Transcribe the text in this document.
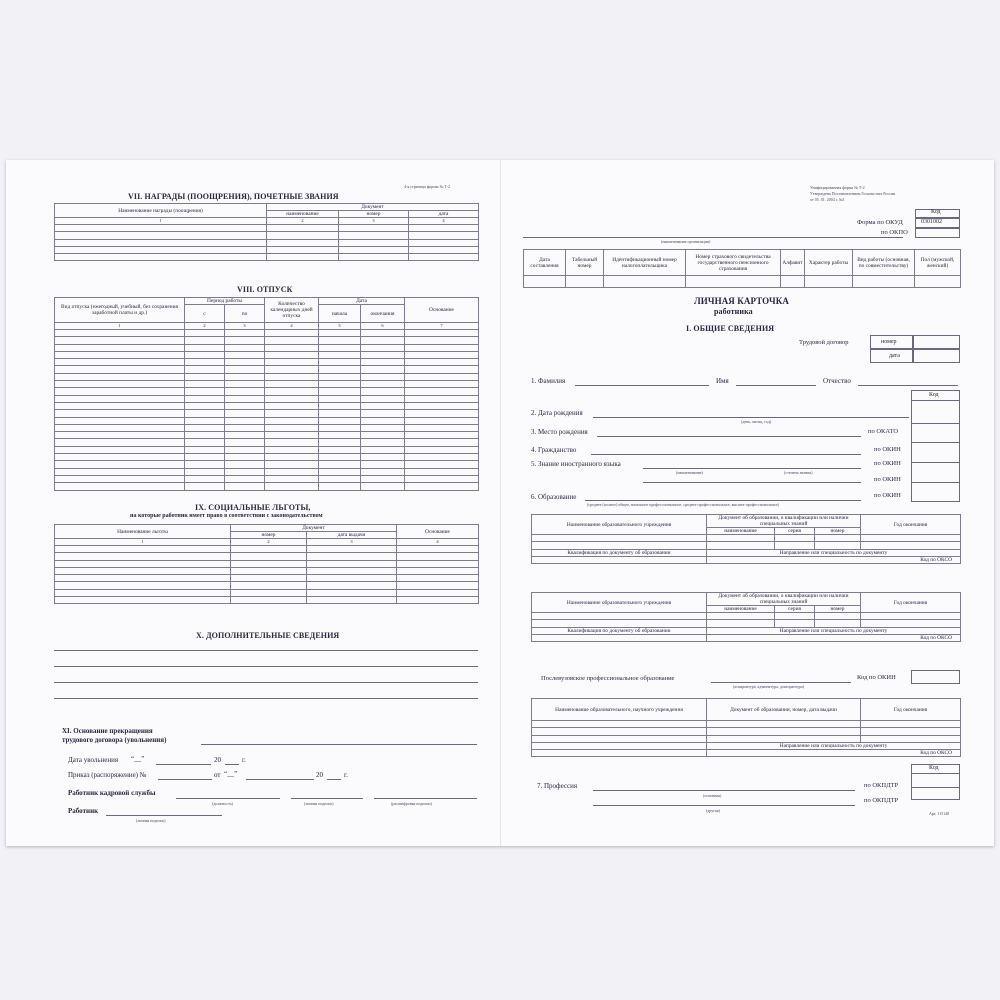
4-я страница формы № Т-2
VII. НАГРАДЫ (ПООЩРЕНИЯ), ПОЧЕТНЫЕ ЗВАНИЯ
Наименование награды (поощрения)	Документ		
	наименование	номер	дата
1	2	3	4

VIII. ОТПУСК
Вид отпуска (ежегодный, учебный, без сохранения заработной платы и др.)	Период работы		Количество календарных дней отпуска	Дата		Основание
	с	по		начала	окончания	
1	2	3	4	5	6	7

IX. СОЦИАЛЬНЫЕ ЛЬГОТЫ,
на которые работник имеет право в соответствии с законодательством
Наименование льготы	Документ		Основание
	номер	дата выдачи	
1	2	3	4

X. ДОПОЛНИТЕЛЬНЫЕ СВЕДЕНИЯ
XI. Основание прекращения
трудового договора (увольнения)
Дата увольнения “__”	20	г.
Приказ (распоряжение) №	от “__”	20	г.
Работник кадровой службы
(должность)	(личная подпись)	(расшифровка подписи)
Работник
(личная подпись)
Унифицированная форма № Т-2
Утверждена Постановлением Госкомстата России
от 05. 01. 2004 г. №1
Код
0301002
Форма по ОКУД
по ОКПО
(наименование организации)
Дата составления	Табельный номер	Идентификационный номер налогоплательщика	Номер страхового свидетельства государственного пенсионного страхования	Алфавит	Характер работы	Вид работы (основная, по совместительству)	Пол (мужской, женский)

ЛИЧНАЯ КАРТОЧКА
работника
I. ОБЩИЕ СВЕДЕНИЯ
Трудовой договор	номер
дата
1. Фамилия	Имя	Отчество
Код
2. Дата рождения
(день, месяц, год)
3. Место рождения	по ОКАТО
4. Гражданство	по ОКИН
5. Знание иностранного языка
(наименование)	(степень знания)
по ОКИН
по ОКИН
6. Образование
(среднее (полное) общее, начальное профессиональное, среднее профессиональное, высшее профессиональное)
по ОКИН
Наименование образовательного учреждения	Документ об образовании, о квалификации или наличии специальных знаний			Год окончания
	наименование	серия	номер	

Квалификация по документу об образовании	Направление или специальность по документу			
	Код по ОКСО			
Наименование образовательного учреждения	Документ об образовании, о квалификации или наличии специальных знаний			Год окончания
	наименование	серия	номер	

Квалификация по документу об образовании	Направление или специальность по документу			
	Код по ОКСО			
Послевузовское профессиональное образование
(аспирантура, адъюнктура, докторантура)
Код по ОКИН
Наименование образовательного, научного учреждения	Документ об образовании, номер, дата выдачи	Год окончания

	Направление или специальность по документу	
	Код по ОКСО	
Код
7. Профессия
(основная)
по ОКПДТР
(другая)
по ОКПДТР
Арт. 115148
